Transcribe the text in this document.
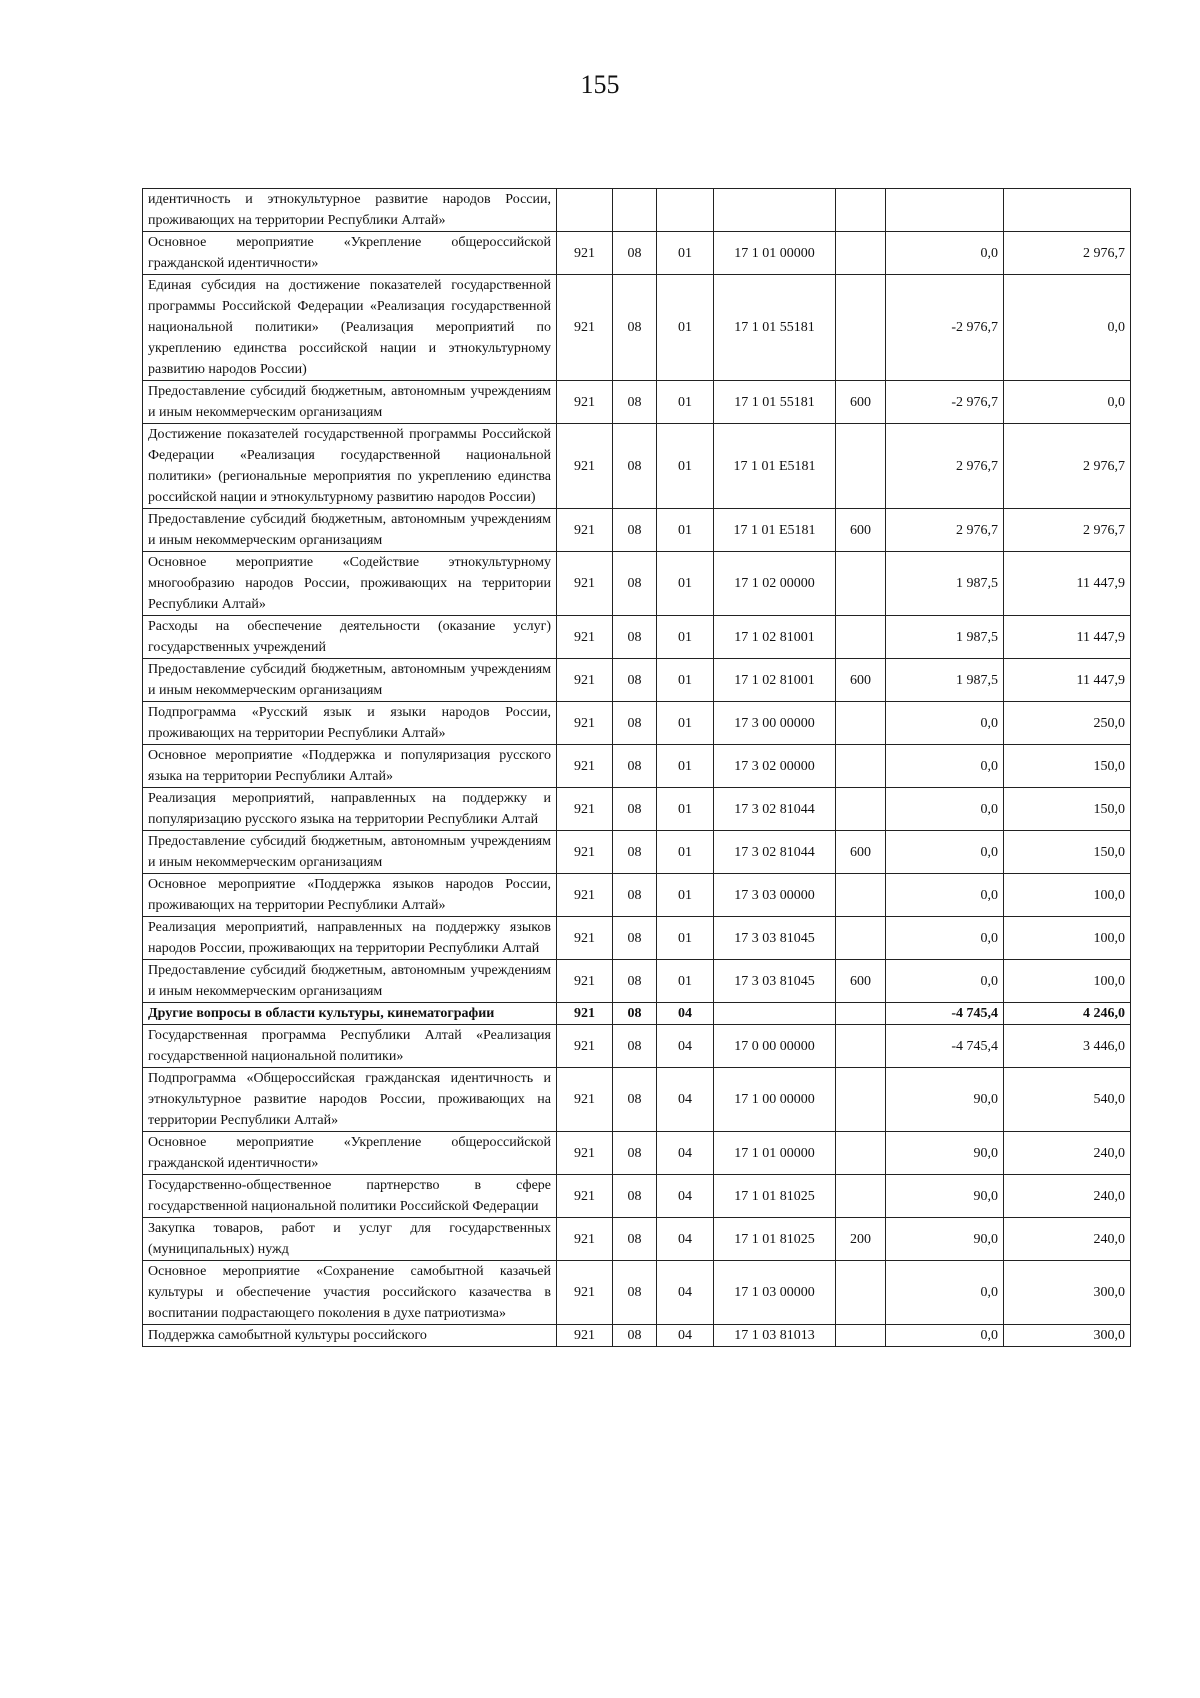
155
идентичность и этнокультурное развитие народов России, проживающих на территории Республики Алтай»							
Основное мероприятие «Укрепление общероссийской гражданской идентичности»	921	08	01	17 1 01 00000		0,0	2 976,7
Единая субсидия на достижение показателей государственной программы Российской Федерации «Реализация государственной национальной политики» (Реализация мероприятий по укреплению единства российской нации и этнокультурному развитию народов России)	921	08	01	17 1 01 55181		-2 976,7	0,0
Предоставление субсидий бюджетным, автономным учреждениям и иным некоммерческим организациям	921	08	01	17 1 01 55181	600	-2 976,7	0,0
Достижение показателей государственной программы Российской Федерации «Реализация государственной национальной политики» (региональные мероприятия по укреплению единства российской нации и этнокультурному развитию народов России)	921	08	01	17 1 01 E5181		2 976,7	2 976,7
Предоставление субсидий бюджетным, автономным учреждениям и иным некоммерческим организациям	921	08	01	17 1 01 E5181	600	2 976,7	2 976,7
Основное мероприятие «Содействие этнокультурному многообразию народов России, проживающих на территории Республики Алтай»	921	08	01	17 1 02 00000		1 987,5	11 447,9
Расходы на обеспечение деятельности (оказание услуг) государственных учреждений	921	08	01	17 1 02 81001		1 987,5	11 447,9
Предоставление субсидий бюджетным, автономным учреждениям и иным некоммерческим организациям	921	08	01	17 1 02 81001	600	1 987,5	11 447,9
Подпрограмма «Русский язык и языки народов России, проживающих на территории Республики Алтай»	921	08	01	17 3 00 00000		0,0	250,0
Основное мероприятие «Поддержка и популяризация русского языка на территории Республики Алтай»	921	08	01	17 3 02 00000		0,0	150,0
Реализация мероприятий, направленных на поддержку и популяризацию русского языка на территории Республики Алтай	921	08	01	17 3 02 81044		0,0	150,0
Предоставление субсидий бюджетным, автономным учреждениям и иным некоммерческим организациям	921	08	01	17 3 02 81044	600	0,0	150,0
Основное мероприятие «Поддержка языков народов России, проживающих на территории Республики Алтай»	921	08	01	17 3 03 00000		0,0	100,0
Реализация мероприятий, направленных на поддержку языков народов России, проживающих на территории Республики Алтай	921	08	01	17 3 03 81045		0,0	100,0
Предоставление субсидий бюджетным, автономным учреждениям и иным некоммерческим организациям	921	08	01	17 3 03 81045	600	0,0	100,0
Другие вопросы в области культуры, кинематографии	921	08	04			-4 745,4	4 246,0
Государственная программа Республики Алтай «Реализация государственной национальной политики»	921	08	04	17 0 00 00000		-4 745,4	3 446,0
Подпрограмма «Общероссийская гражданская идентичность и этнокультурное развитие народов России, проживающих на территории Республики Алтай»	921	08	04	17 1 00 00000		90,0	540,0
Основное мероприятие «Укрепление общероссийской гражданской идентичности»	921	08	04	17 1 01 00000		90,0	240,0
Государственно-общественное партнерство в сфере государственной национальной политики Российской Федерации	921	08	04	17 1 01 81025		90,0	240,0
Закупка товаров, работ и услуг для государственных (муниципальных) нужд	921	08	04	17 1 01 81025	200	90,0	240,0
Основное мероприятие «Сохранение самобытной казачьей культуры и обеспечение участия российского казачества в воспитании подрастающего поколения в духе патриотизма»	921	08	04	17 1 03 00000		0,0	300,0
Поддержка самобытной культуры российского	921	08	04	17 1 03 81013		0,0	300,0
